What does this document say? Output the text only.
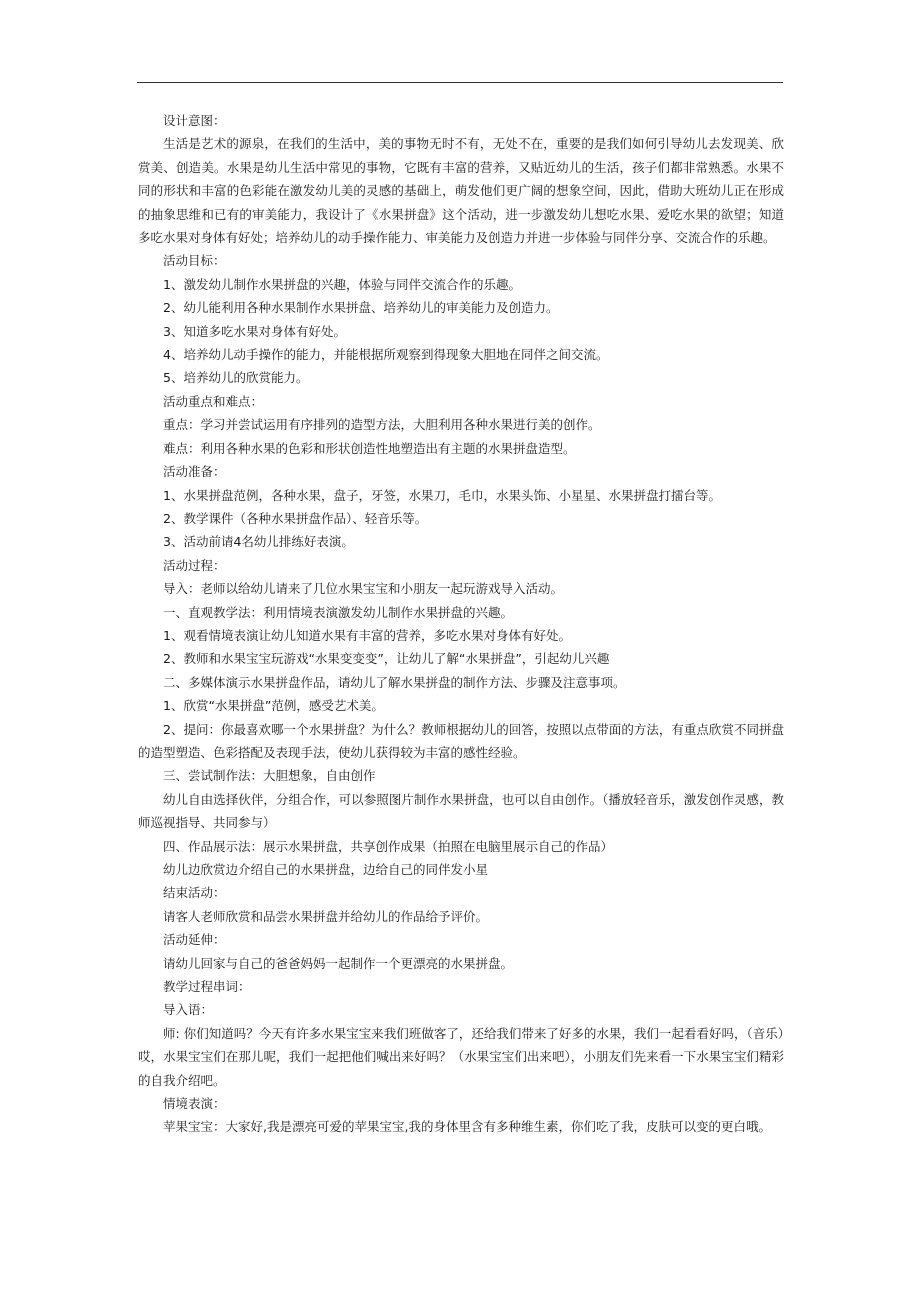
设计意图：

生活是艺术的源泉，在我们的生活中，美的事物无时不有，无处不在，重要的是我们如何引导幼儿去发现美、欣赏美、创造美。水果是幼儿生活中常见的事物，它既有丰富的营养，又贴近幼儿的生活，孩子们都非常熟悉。水果不同的形状和丰富的色彩能在激发幼儿美的灵感的基础上，萌发他们更广阔的想象空间，因此，借助大班幼儿正在形成的抽象思维和已有的审美能力，我设计了《水果拼盘》这个活动，进一步激发幼儿想吃水果、爱吃水果的欲望；知道多吃水果对身体有好处；培养幼儿的动手操作能力、审美能力及创造力并进一步体验与同伴分享、交流合作的乐趣。

活动目标：

1、激发幼儿制作水果拼盘的兴趣，体验与同伴交流合作的乐趣。

2、幼儿能利用各种水果制作水果拼盘、培养幼儿的审美能力及创造力。

3、知道多吃水果对身体有好处。

4、培养幼儿动手操作的能力，并能根据所观察到得现象大胆地在同伴之间交流。

5、培养幼儿的欣赏能力。

活动重点和难点：

重点：学习并尝试运用有序排列的造型方法，大胆利用各种水果进行美的创作。

难点：利用各种水果的色彩和形状创造性地塑造出有主题的水果拼盘造型。

活动准备：

1、水果拼盘范例，各种水果，盘子，牙签，水果刀，毛巾，水果头饰、小星星、水果拼盘打擂台等。

2、教学课件（各种水果拼盘作品）、轻音乐等。

3、活动前请4名幼儿排练好表演。

活动过程：

导入：老师以给幼儿请来了几位水果宝宝和小朋友一起玩游戏导入活动。

一、直观教学法：利用情境表演激发幼儿制作水果拼盘的兴趣。

1、观看情境表演让幼儿知道水果有丰富的营养，多吃水果对身体有好处。

2、教师和水果宝宝玩游戏“水果变变变”，让幼儿了解“水果拼盘”，引起幼儿兴趣

二、多媒体演示水果拼盘作品，请幼儿了解水果拼盘的制作方法、步骤及注意事项。

1、欣赏“水果拼盘”范例，感受艺术美。

2、提问：你最喜欢哪一个水果拼盘？为什么？教师根据幼儿的回答，按照以点带面的方法，有重点欣赏不同拼盘的造型塑造、色彩搭配及表现手法，使幼儿获得较为丰富的感性经验。

三、尝试制作法：大胆想象，自由创作

幼儿自由选择伙伴，分组合作，可以参照图片制作水果拼盘，也可以自由创作。（播放轻音乐，激发创作灵感，教师巡视指导、共同参与）

四、作品展示法：展示水果拼盘，共享创作成果（拍照在电脑里展示自己的作品）

幼儿边欣赏边介绍自己的水果拼盘，边给自己的同伴发小星

结束活动：

请客人老师欣赏和品尝水果拼盘并给幼儿的作品给予评价。

活动延伸：

请幼儿回家与自己的爸爸妈妈一起制作一个更漂亮的水果拼盘。

教学过程串词：

导入语：

师: 你们知道吗？今天有许多水果宝宝来我们班做客了，还给我们带来了好多的水果，我们一起看看好吗，（音乐）哎，水果宝宝们在那儿呢，我们一起把他们喊出来好吗？（水果宝宝们出来吧），小朋友们先来看一下水果宝宝们精彩的自我介绍吧。

情境表演：

苹果宝宝：大家好,我是漂亮可爱的苹果宝宝,我的身体里含有多种维生素，你们吃了我，皮肤可以变的更白哦。
